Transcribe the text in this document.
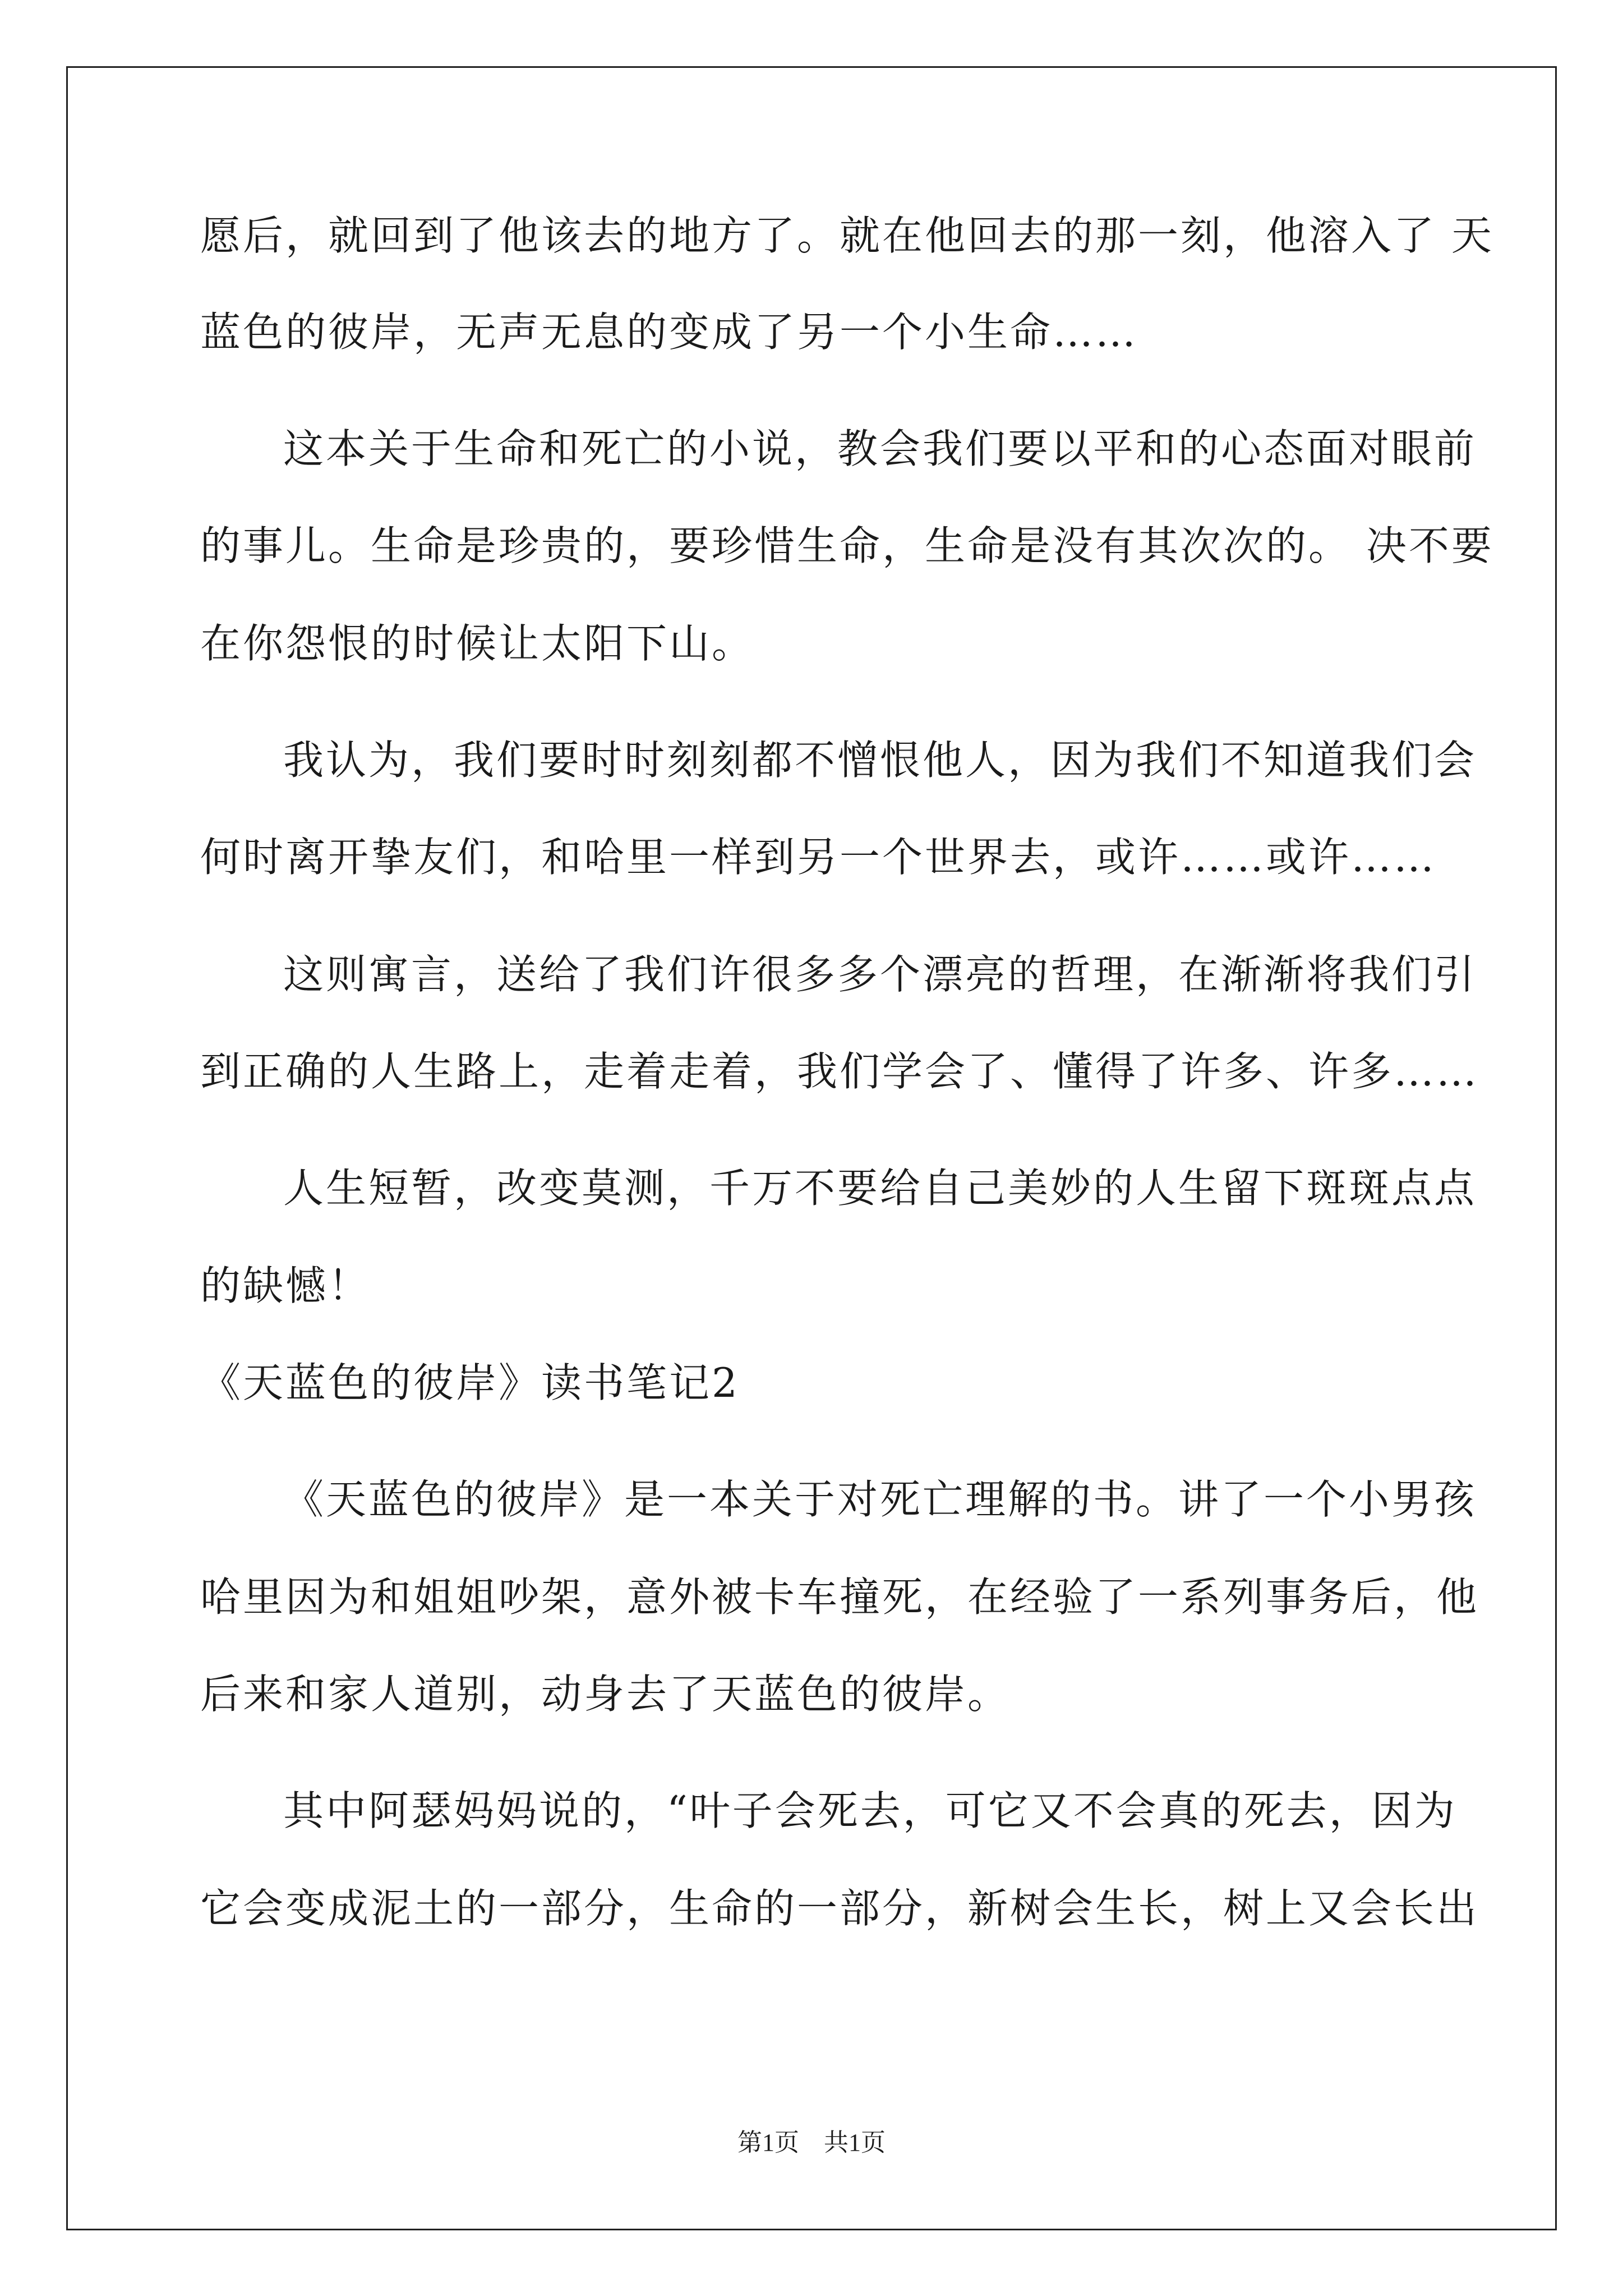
愿后，就回到了他该去的地方了。就在他回去的那一刻，他溶入了 天
蓝色的彼岸，无声无息的变成了另一个小生命……
这本关于生命和死亡的小说，教会我们要以平和的心态面对眼前
的事儿。生命是珍贵的，要珍惜生命，生命是没有其次次的。 决不要
在你怨恨的时候让太阳下山。
我认为，我们要时时刻刻都不憎恨他人，因为我们不知道我们会
何时离开挚友们，和哈里一样到另一个世界去，或许……或许……
这则寓言，送给了我们许很多多个漂亮的哲理，在渐渐将我们引
到正确的人生路上，走着走着，我们学会了、懂得了许多、许多……
人生短暂，改变莫测，千万不要给自己美妙的人生留下斑斑点点
的缺憾！
《天蓝色的彼岸》读书笔记2
《天蓝色的彼岸》是一本关于对死亡理解的书。讲了一个小男孩
哈里因为和姐姐吵架，意外被卡车撞死，在经验了一系列事务后，他
后来和家人道别，动身去了天蓝色的彼岸。
其中阿瑟妈妈说的，“叶子会死去，可它又不会真的死去，因为
它会变成泥土的一部分，生命的一部分，新树会生长，树上又会长出
第1页　共1页
